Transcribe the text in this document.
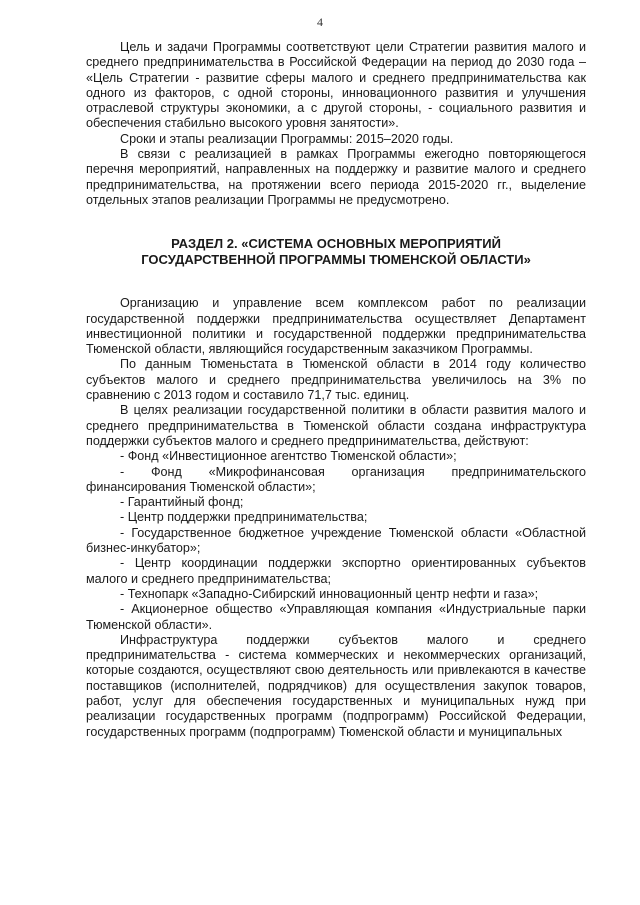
4

Цель и задачи Программы соответствуют цели Стратегии развития малого и среднего предпринимательства в Российской Федерации на период до 2030 года – «Цель Стратегии - развитие сферы малого и среднего предпринимательства как одного из факторов, с одной стороны, инновационного развития и улучшения отраслевой структуры экономики, а с другой стороны, - социального развития и обеспечения стабильно высокого уровня занятости».

Сроки и этапы реализации Программы: 2015–2020 годы.

В связи с реализацией в рамках Программы ежегодно повторяющегося перечня мероприятий, направленных на поддержку и развитие малого и среднего предпринимательства, на протяжении всего периода 2015-2020 гг., выделение отдельных этапов реализации Программы не предусмотрено.

РАЗДЕЛ 2. «СИСТЕМА ОСНОВНЫХ МЕРОПРИЯТИЙ
ГОСУДАРСТВЕННОЙ ПРОГРАММЫ ТЮМЕНСКОЙ ОБЛАСТИ»

Организацию и управление всем комплексом работ по реализации государственной поддержки предпринимательства осуществляет Департамент инвестиционной политики и государственной поддержки предпринимательства Тюменской области, являющийся государственным заказчиком Программы.

По данным Тюменьстата в Тюменской области в 2014 году количество субъектов малого и среднего предпринимательства увеличилось на 3% по сравнению с 2013 годом и составило 71,7 тыс. единиц.

В целях реализации государственной политики в области развития малого и среднего предпринимательства в Тюменской области создана инфраструктура поддержки субъектов малого и среднего предпринимательства, действуют:

- Фонд «Инвестиционное агентство Тюменской области»;

- Фонд «Микрофинансовая организация предпринимательского финансирования Тюменской области»;

- Гарантийный фонд;

- Центр поддержки предпринимательства;

- Государственное бюджетное учреждение Тюменской области «Областной бизнес-инкубатор»;

- Центр координации поддержки экспортно ориентированных субъектов малого и среднего предпринимательства;

- Технопарк «Западно-Сибирский инновационный центр нефти и газа»;

- Акционерное общество «Управляющая компания «Индустриальные парки Тюменской области».

Инфраструктура поддержки субъектов малого и среднего предпринимательства - система коммерческих и некоммерческих организаций, которые создаются, осуществляют свою деятельность или привлекаются в качестве поставщиков (исполнителей, подрядчиков) для осуществления закупок товаров, работ, услуг для обеспечения государственных и муниципальных нужд при реализации государственных программ (подпрограмм) Российской Федерации, государственных программ (подпрограмм) Тюменской области и муниципальных
